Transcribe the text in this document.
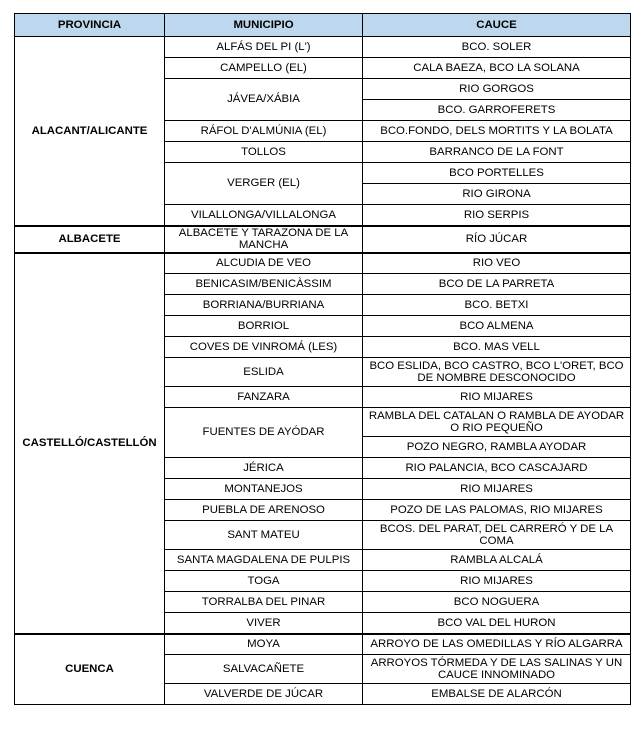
PROVINCIA	MUNICIPIO	CAUCE
ALACANT/ALICANTE	ALFÁS DEL PI (L')	BCO. SOLER
	CAMPELLO (EL)	CALA BAEZA, BCO LA SOLANA
	JÁVEA/XÁBIA	RIO GORGOS
		BCO. GARROFERETS
	RÁFOL D'ALMÚNIA (EL)	BCO.FONDO, DELS MORTITS Y LA BOLATA
	TOLLOS	BARRANCO DE LA FONT
	VERGER (EL)	BCO PORTELLES
		RIO GIRONA
	VILALLONGA/VILLALONGA	RIO SERPIS
ALBACETE	ALBACETE Y TARAZONA DE LA MANCHA	RÍO JÚCAR
CASTELLÓ/CASTELLÓN	ALCUDIA DE VEO	RIO VEO
	BENICASIM/BENICÀSSIM	BCO DE LA PARRETA
	BORRIANA/BURRIANA	BCO. BETXI
	BORRIOL	BCO ALMENA
	COVES DE VINROMÁ (LES)	BCO. MAS VELL
	ESLIDA	BCO ESLIDA, BCO CASTRO, BCO L'ORET, BCO DE NOMBRE DESCONOCIDO
	FANZARA	RIO MIJARES
	FUENTES DE AYÓDAR	RAMBLA DEL CATALAN O RAMBLA DE AYODAR O RIO PEQUEÑO
		POZO NEGRO, RAMBLA AYODAR
	JÉRICA	RIO PALANCIA, BCO CASCAJARD
	MONTANEJOS	RIO MIJARES
	PUEBLA DE ARENOSO	POZO DE LAS PALOMAS, RIO MIJARES
	SANT MATEU	BCOS. DEL PARAT, DEL CARRERÓ Y DE LA COMA
	SANTA MAGDALENA DE PULPIS	RAMBLA ALCALÁ
	TOGA	RIO MIJARES
	TORRALBA DEL PINAR	BCO NOGUERA
	VIVER	BCO VAL DEL HURON
CUENCA	MOYA	ARROYO DE LAS OMEDILLAS Y RÍO ALGARRA
	SALVACAÑETE	ARROYOS TÓRMEDA Y DE LAS SALINAS Y UN CAUCE INNOMINADO
	VALVERDE DE JÚCAR	EMBALSE DE ALARCÓN
